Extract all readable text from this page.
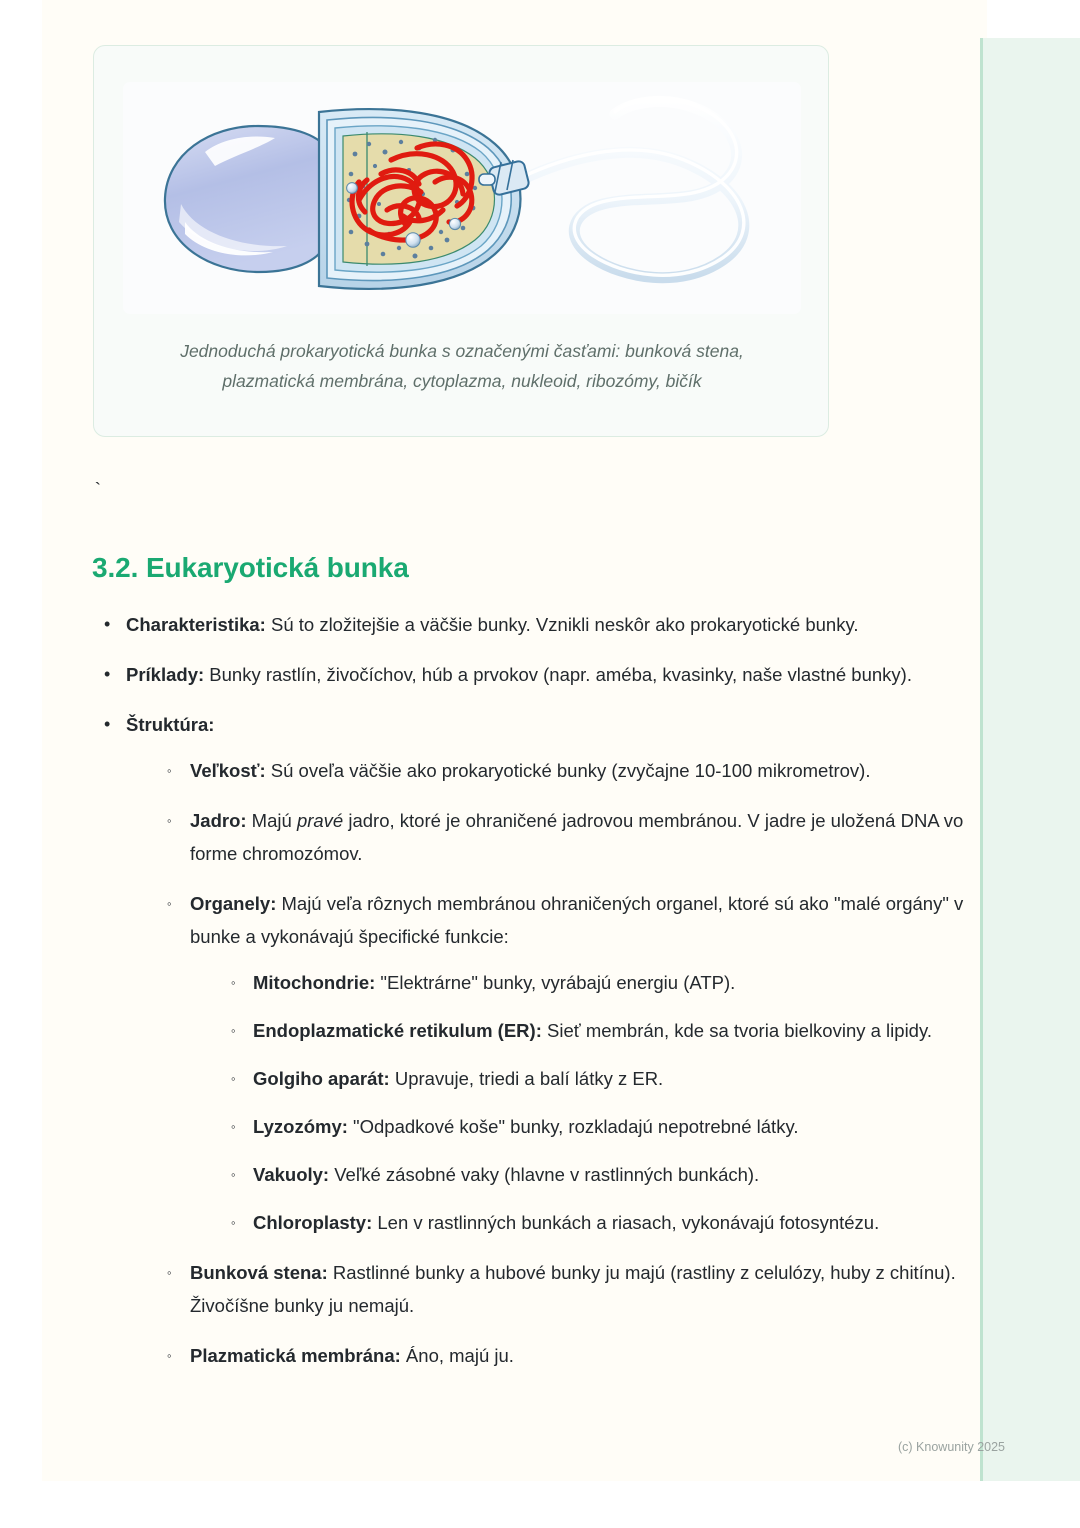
Jednoduchá prokaryotická bunka s označenými časťami: bunková stena,
plazmatická membrána, cytoplazma, nukleoid, ribozómy, bičík
`
3.2. Eukaryotická bunka
• Charakteristika: Sú to zložitejšie a väčšie bunky. Vznikli neskôr ako prokaryotické bunky.
• Príklady: Bunky rastlín, živočíchov, húb a prvokov (napr. améba, kvasinky, naše vlastné bunky).
• Štruktúra:
◦ Veľkosť: Sú oveľa väčšie ako prokaryotické bunky (zvyčajne 10-100 mikrometrov).
◦ Jadro: Majú pravé jadro, ktoré je ohraničené jadrovou membránou. V jadre je uložená DNA vo forme chromozómov.
◦ Organely: Majú veľa rôznych membránou ohraničených organel, ktoré sú ako "malé orgány" v bunke a vykonávajú špecifické funkcie:
◦ Mitochondrie: "Elektrárne" bunky, vyrábajú energiu (ATP).
◦ Endoplazmatické retikulum (ER): Sieť membrán, kde sa tvoria bielkoviny a lipidy.
◦ Golgiho aparát: Upravuje, triedi a balí látky z ER.
◦ Lyzozómy: "Odpadkové koše" bunky, rozkladajú nepotrebné látky.
◦ Vakuoly: Veľké zásobné vaky (hlavne v rastlinných bunkách).
◦ Chloroplasty: Len v rastlinných bunkách a riasach, vykonávajú fotosyntézu.
◦ Bunková stena: Rastlinné bunky a hubové bunky ju majú (rastliny z celulózy, huby z chitínu). Živočíšne bunky ju nemajú.
◦ Plazmatická membrána: Áno, majú ju.
(c) Knowunity 2025
